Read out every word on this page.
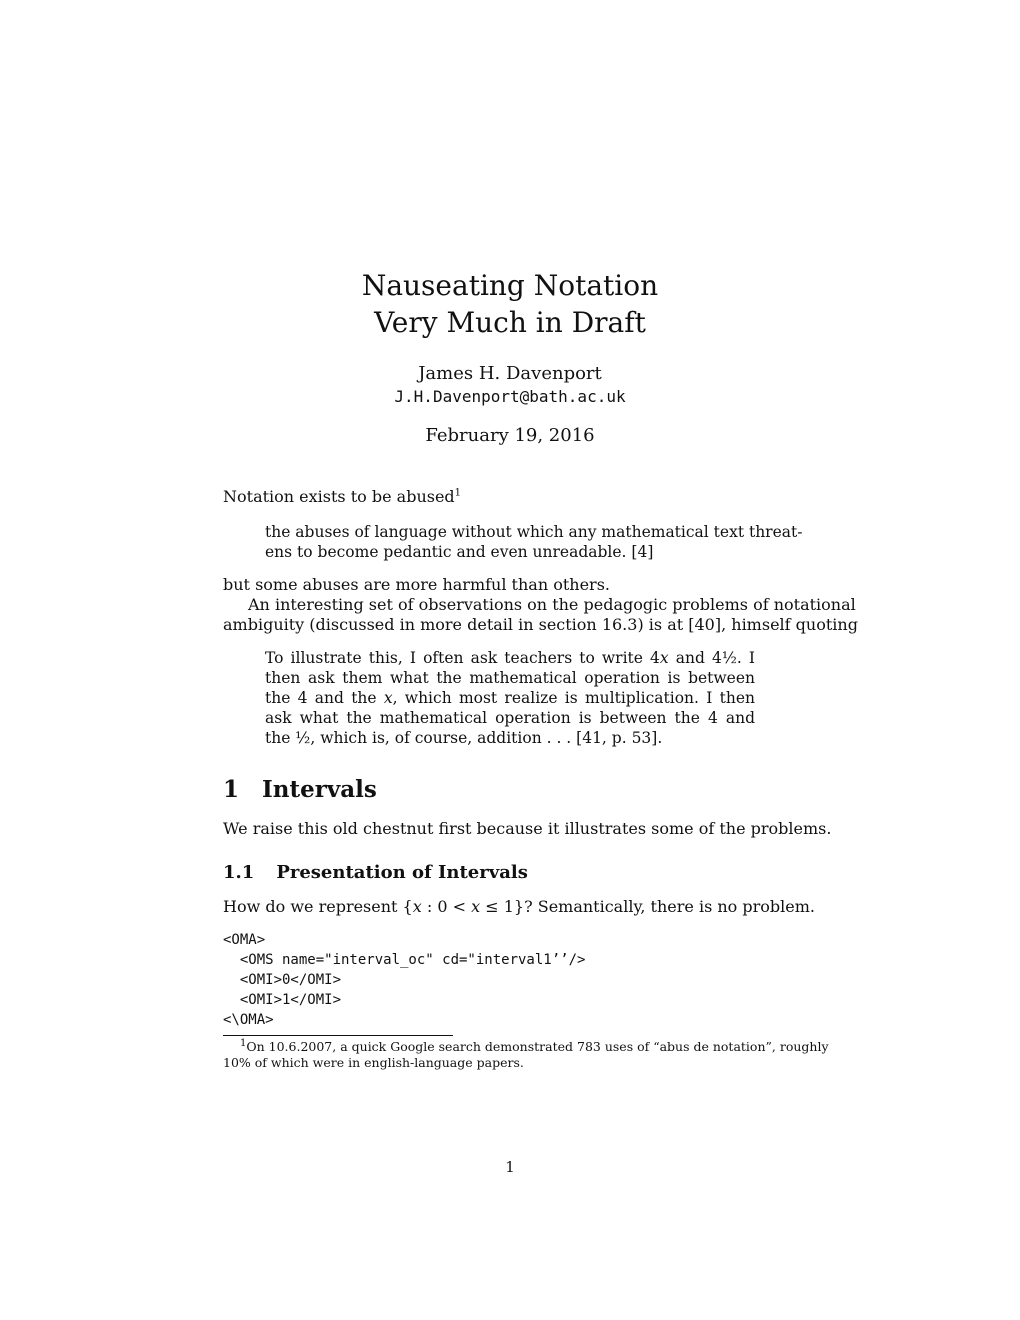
Nauseating Notation
Very Much in Draft
James H. Davenport
J.H.Davenport@bath.ac.uk
February 19, 2016
Notation exists to be abused$^1$
the abuses of language without which any mathematical text threat-
ens to become pedantic and even unreadable. [4]
but some abuses are more harmful than others.
An interesting set of observations on the pedagogic problems of notational
ambiguity (discussed in more detail in section 16.3) is at [40], himself quoting
To illustrate this, I often ask teachers to write 4x and 4½. I then ask them what the mathematical operation is between the 4 and the x, which most realize is multiplication. I then ask what the mathematical operation is between the 4 and the ½, which is, of course, addition . . . [41, p. 53].
1 Intervals
We raise this old chestnut first because it illustrates some of the problems.
1.1 Presentation of Intervals
How do we represent {x : 0 < x ≤ 1}? Semantically, there is no problem.
<OMA>
<OMS name="interval_oc" cd="interval1’’/>
<OMI>0</OMI>
<OMI>1</OMI>
<\OMA>
$^1$On 10.6.2007, a quick Google search demonstrated 783 uses of “abus de notation”, roughly
10% of which were in english-language papers.
1
